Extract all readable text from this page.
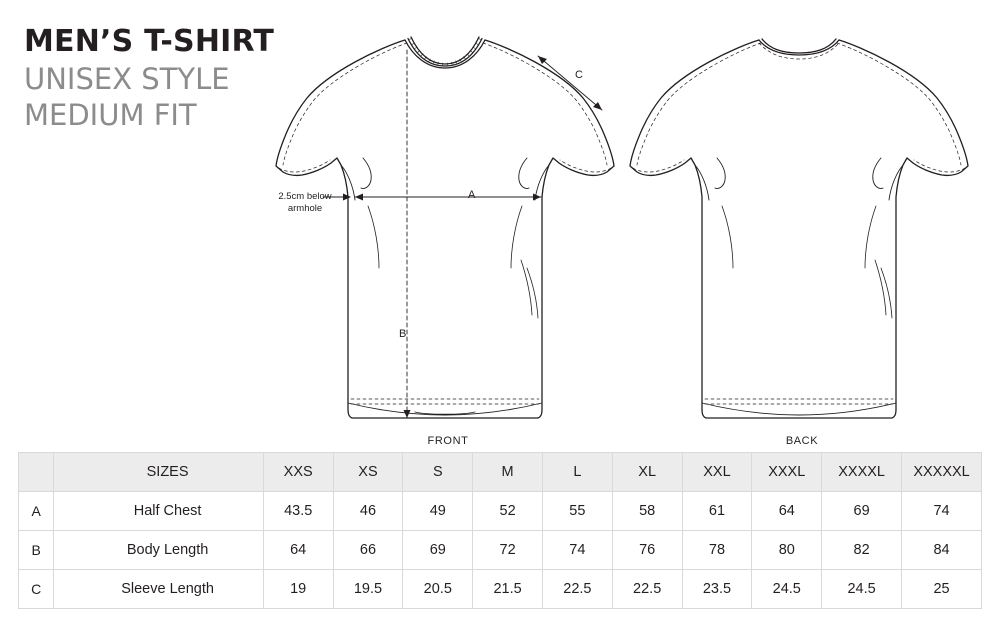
MEN’S T-SHIRT
UNISEX STYLE
MEDIUM FIT
FRONT	BACK
A
B
C
2.5cm below armhole
	SIZES	XXS	XS	S	M	L	XL	XXL	XXXL	XXXXL	XXXXXL
A	Half Chest	43.5	46	49	52	55	58	61	64	69	74
B	Body Length	64	66	69	72	74	76	78	80	82	84
C	Sleeve Length	19	19.5	20.5	21.5	22.5	22.5	23.5	24.5	24.5	25
